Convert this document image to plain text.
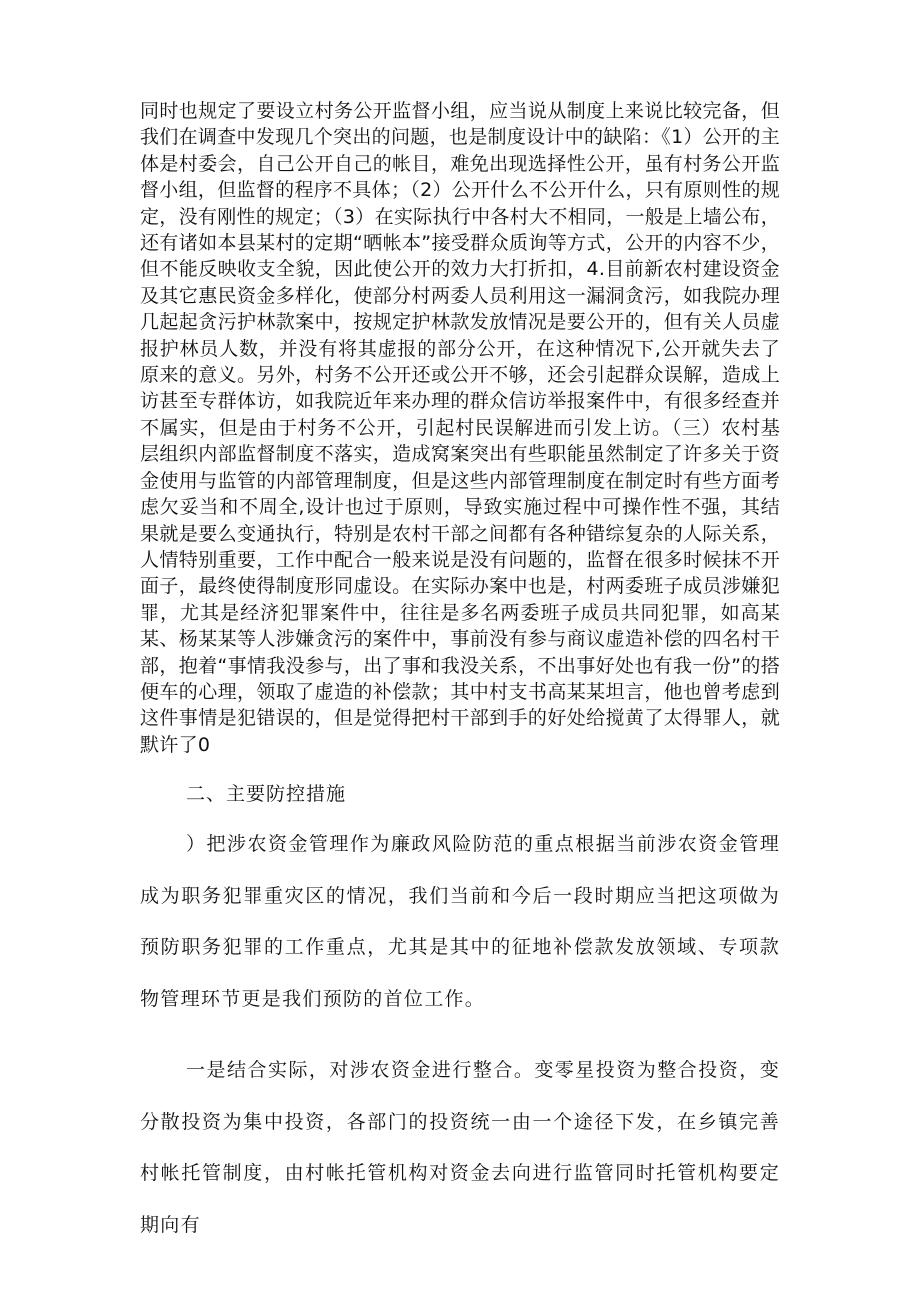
同时也规定了要设立村务公开监督小组，应当说从制度上来说比较完备，但我们在调查中发现几个突出的问题，也是制度设计中的缺陷：《1）公开的主体是村委会，自己公开自己的帐目，难免出现选择性公开，虽有村务公开监督小组，但监督的程序不具体；（2）公开什么不公开什么，只有原则性的规定，没有刚性的规定；（3）在实际执行中各村大不相同，一般是上墙公布，还有诸如本县某村的定期“晒帐本”接受群众质询等方式，公开的内容不少，但不能反映收支全貌，因此使公开的效力大打折扣，4.目前新农村建设资金及其它惠民资金多样化，使部分村两委人员利用这一漏洞贪污，如我院办理几起起贪污护林款案中，按规定护林款发放情况是要公开的，但有关人员虚报护林员人数，并没有将其虚报的部分公开，在这种情况下,公开就失去了原来的意义。另外，村务不公开还或公开不够，还会引起群众误解，造成上访甚至专群体访，如我院近年来办理的群众信访举报案件中，有很多经查并不属实，但是由于村务不公开，引起村民误解进而引发上访。（三）农村基层组织内部监督制度不落实，造成窝案突出有些职能虽然制定了许多关于资金使用与监管的内部管理制度，但是这些内部管理制度在制定时有些方面考虑欠妥当和不周全,设计也过于原则，导致实施过程中可操作性不强，其结果就是要么变通执行，特别是农村干部之间都有各种错综复杂的人际关系，人情特别重要，工作中配合一般来说是没有问题的，监督在很多时候抹不开面子，最终使得制度形同虚设。在实际办案中也是，村两委班子成员涉嫌犯罪，尤其是经济犯罪案件中，往往是多名两委班子成员共同犯罪，如高某某、杨某某等人涉嫌贪污的案件中，事前没有参与商议虚造补偿的四名村干部，抱着“事情我没参与，出了事和我没关系，不出事好处也有我一份”的搭便车的心理，领取了虚造的补偿款；其中村支书高某某坦言，他也曾考虑到这件事情是犯错误的，但是觉得把村干部到手的好处给搅黄了太得罪人，就默许了0

二、主要防控措施

）把涉农资金管理作为廉政风险防范的重点根据当前涉农资金管理成为职务犯罪重灾区的情况，我们当前和今后一段时期应当把这项做为预防职务犯罪的工作重点，尤其是其中的征地补偿款发放领域、专项款物管理环节更是我们预防的首位工作。

一是结合实际，对涉农资金进行整合。变零星投资为整合投资，变分散投资为集中投资，各部门的投资统一由一个途径下发，在乡镇完善村帐托管制度，由村帐托管机构对资金去向进行监管同时托管机构要定期向有
